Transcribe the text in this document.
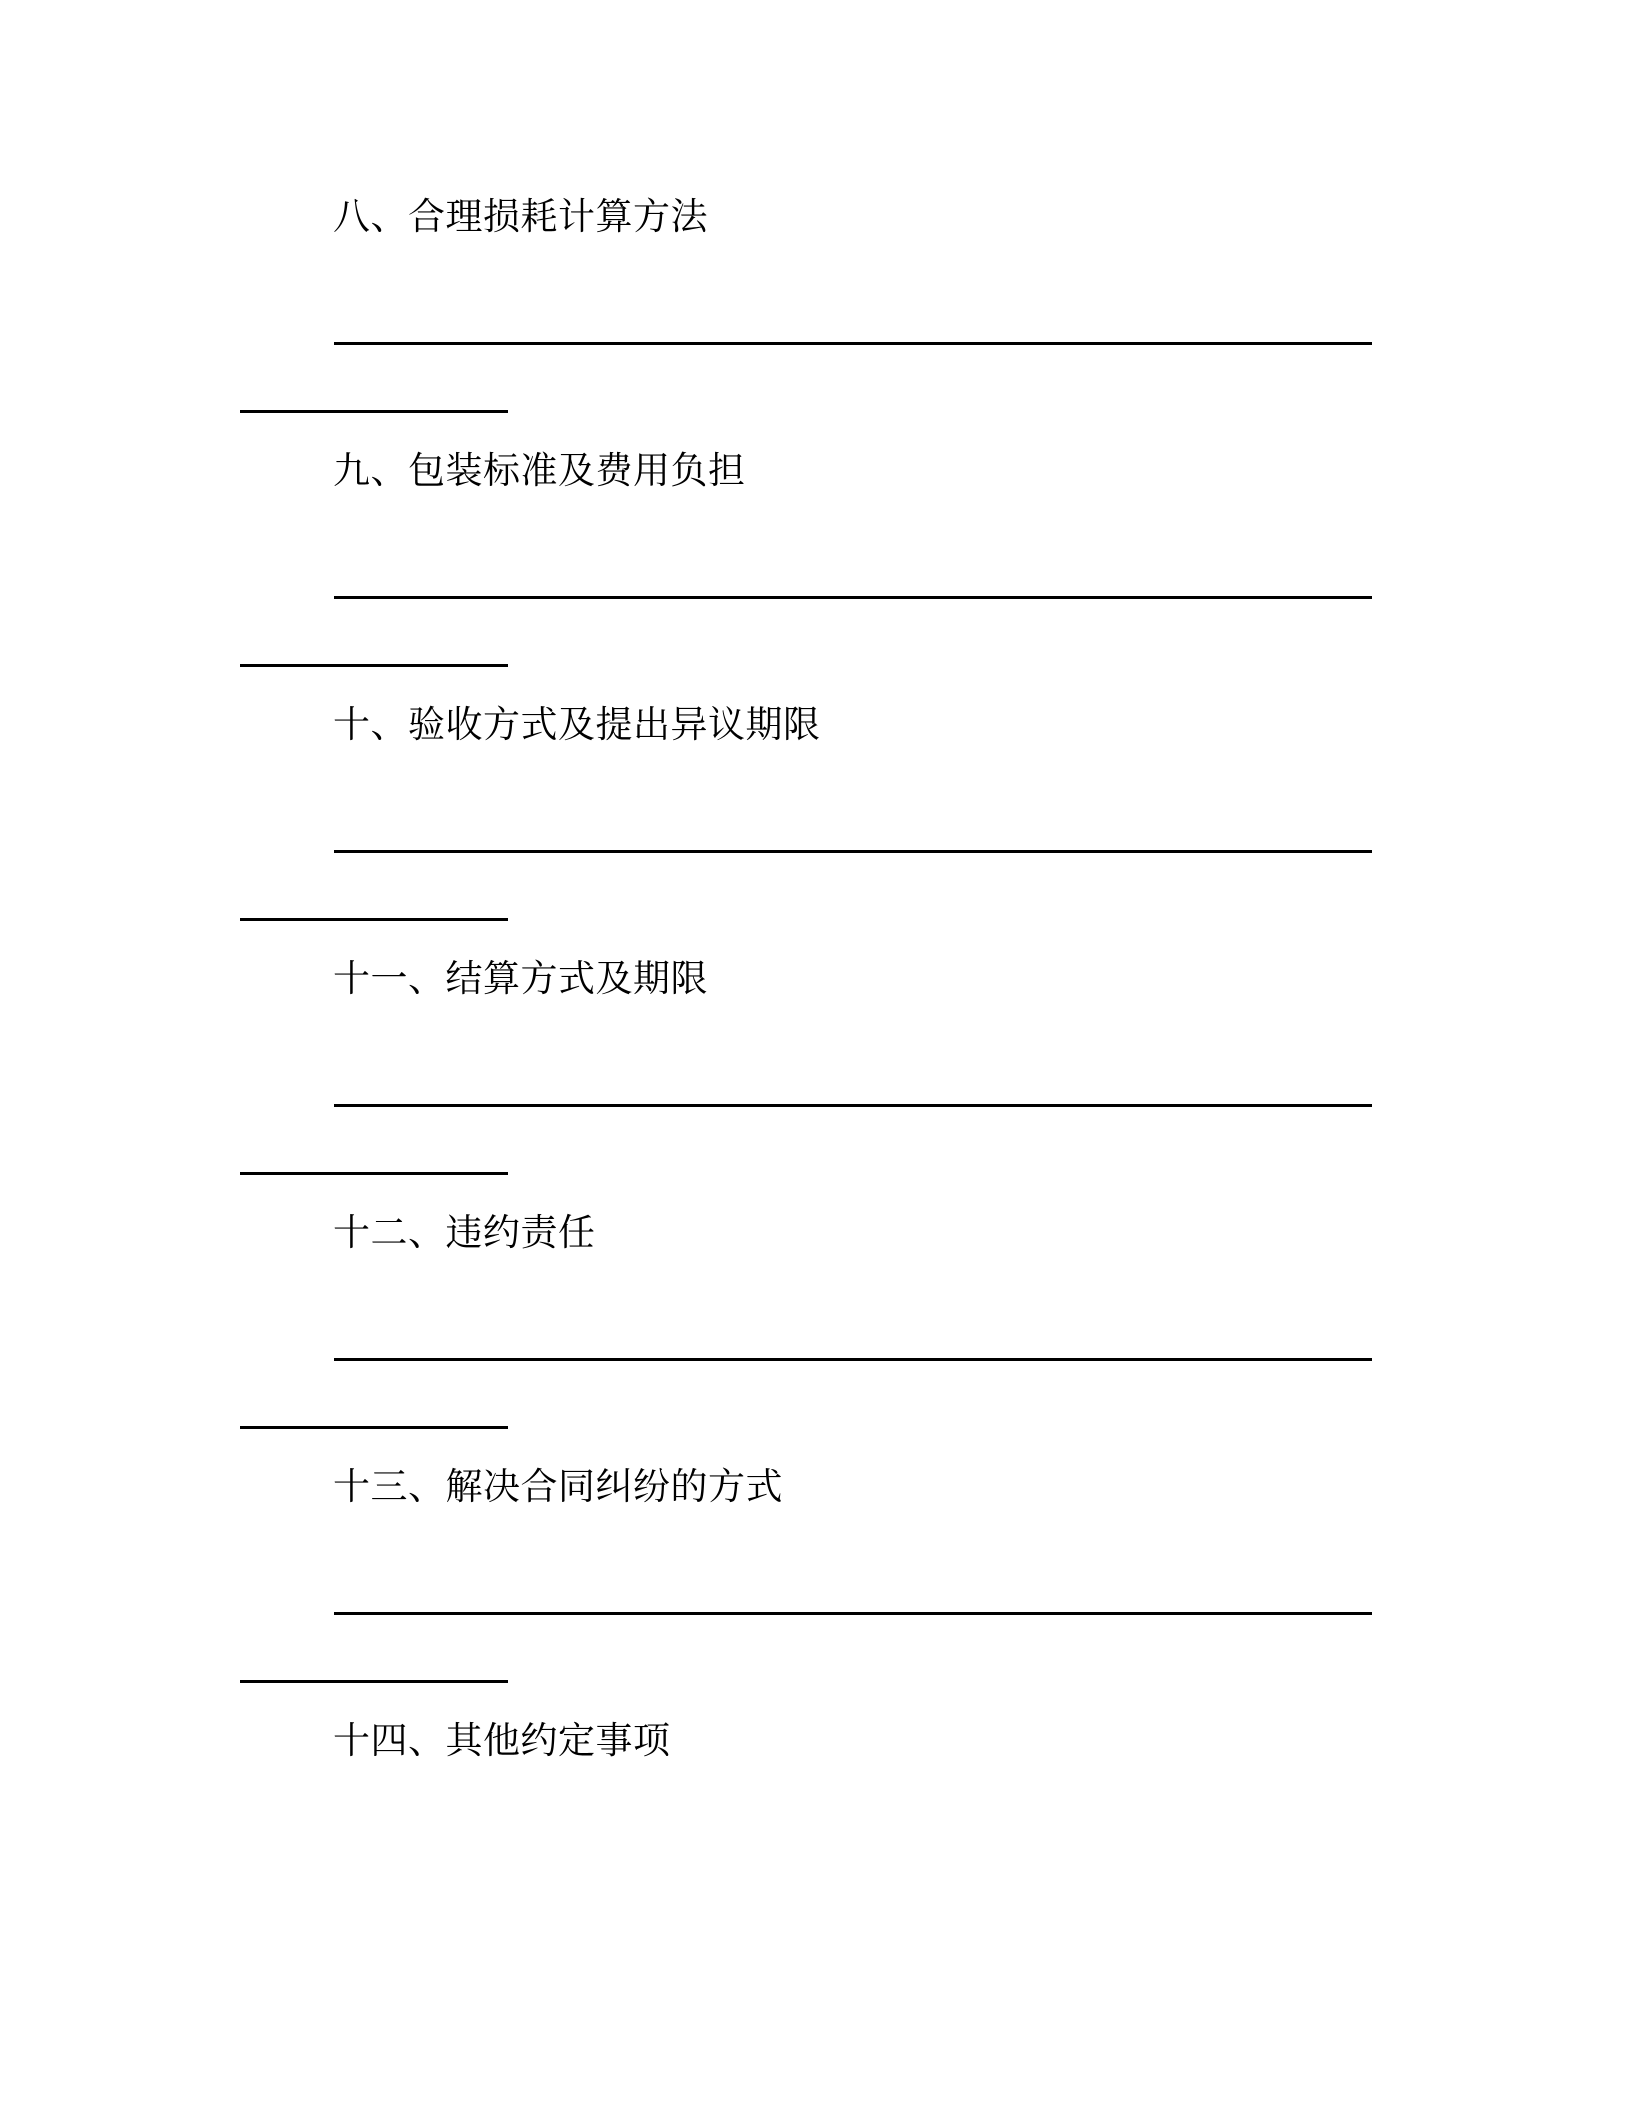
八、合理损耗计算方法
九、包装标准及费用负担
十、验收方式及提出异议期限
十一、结算方式及期限
十二、违约责任
十三、解决合同纠纷的方式
十四、其他约定事项
